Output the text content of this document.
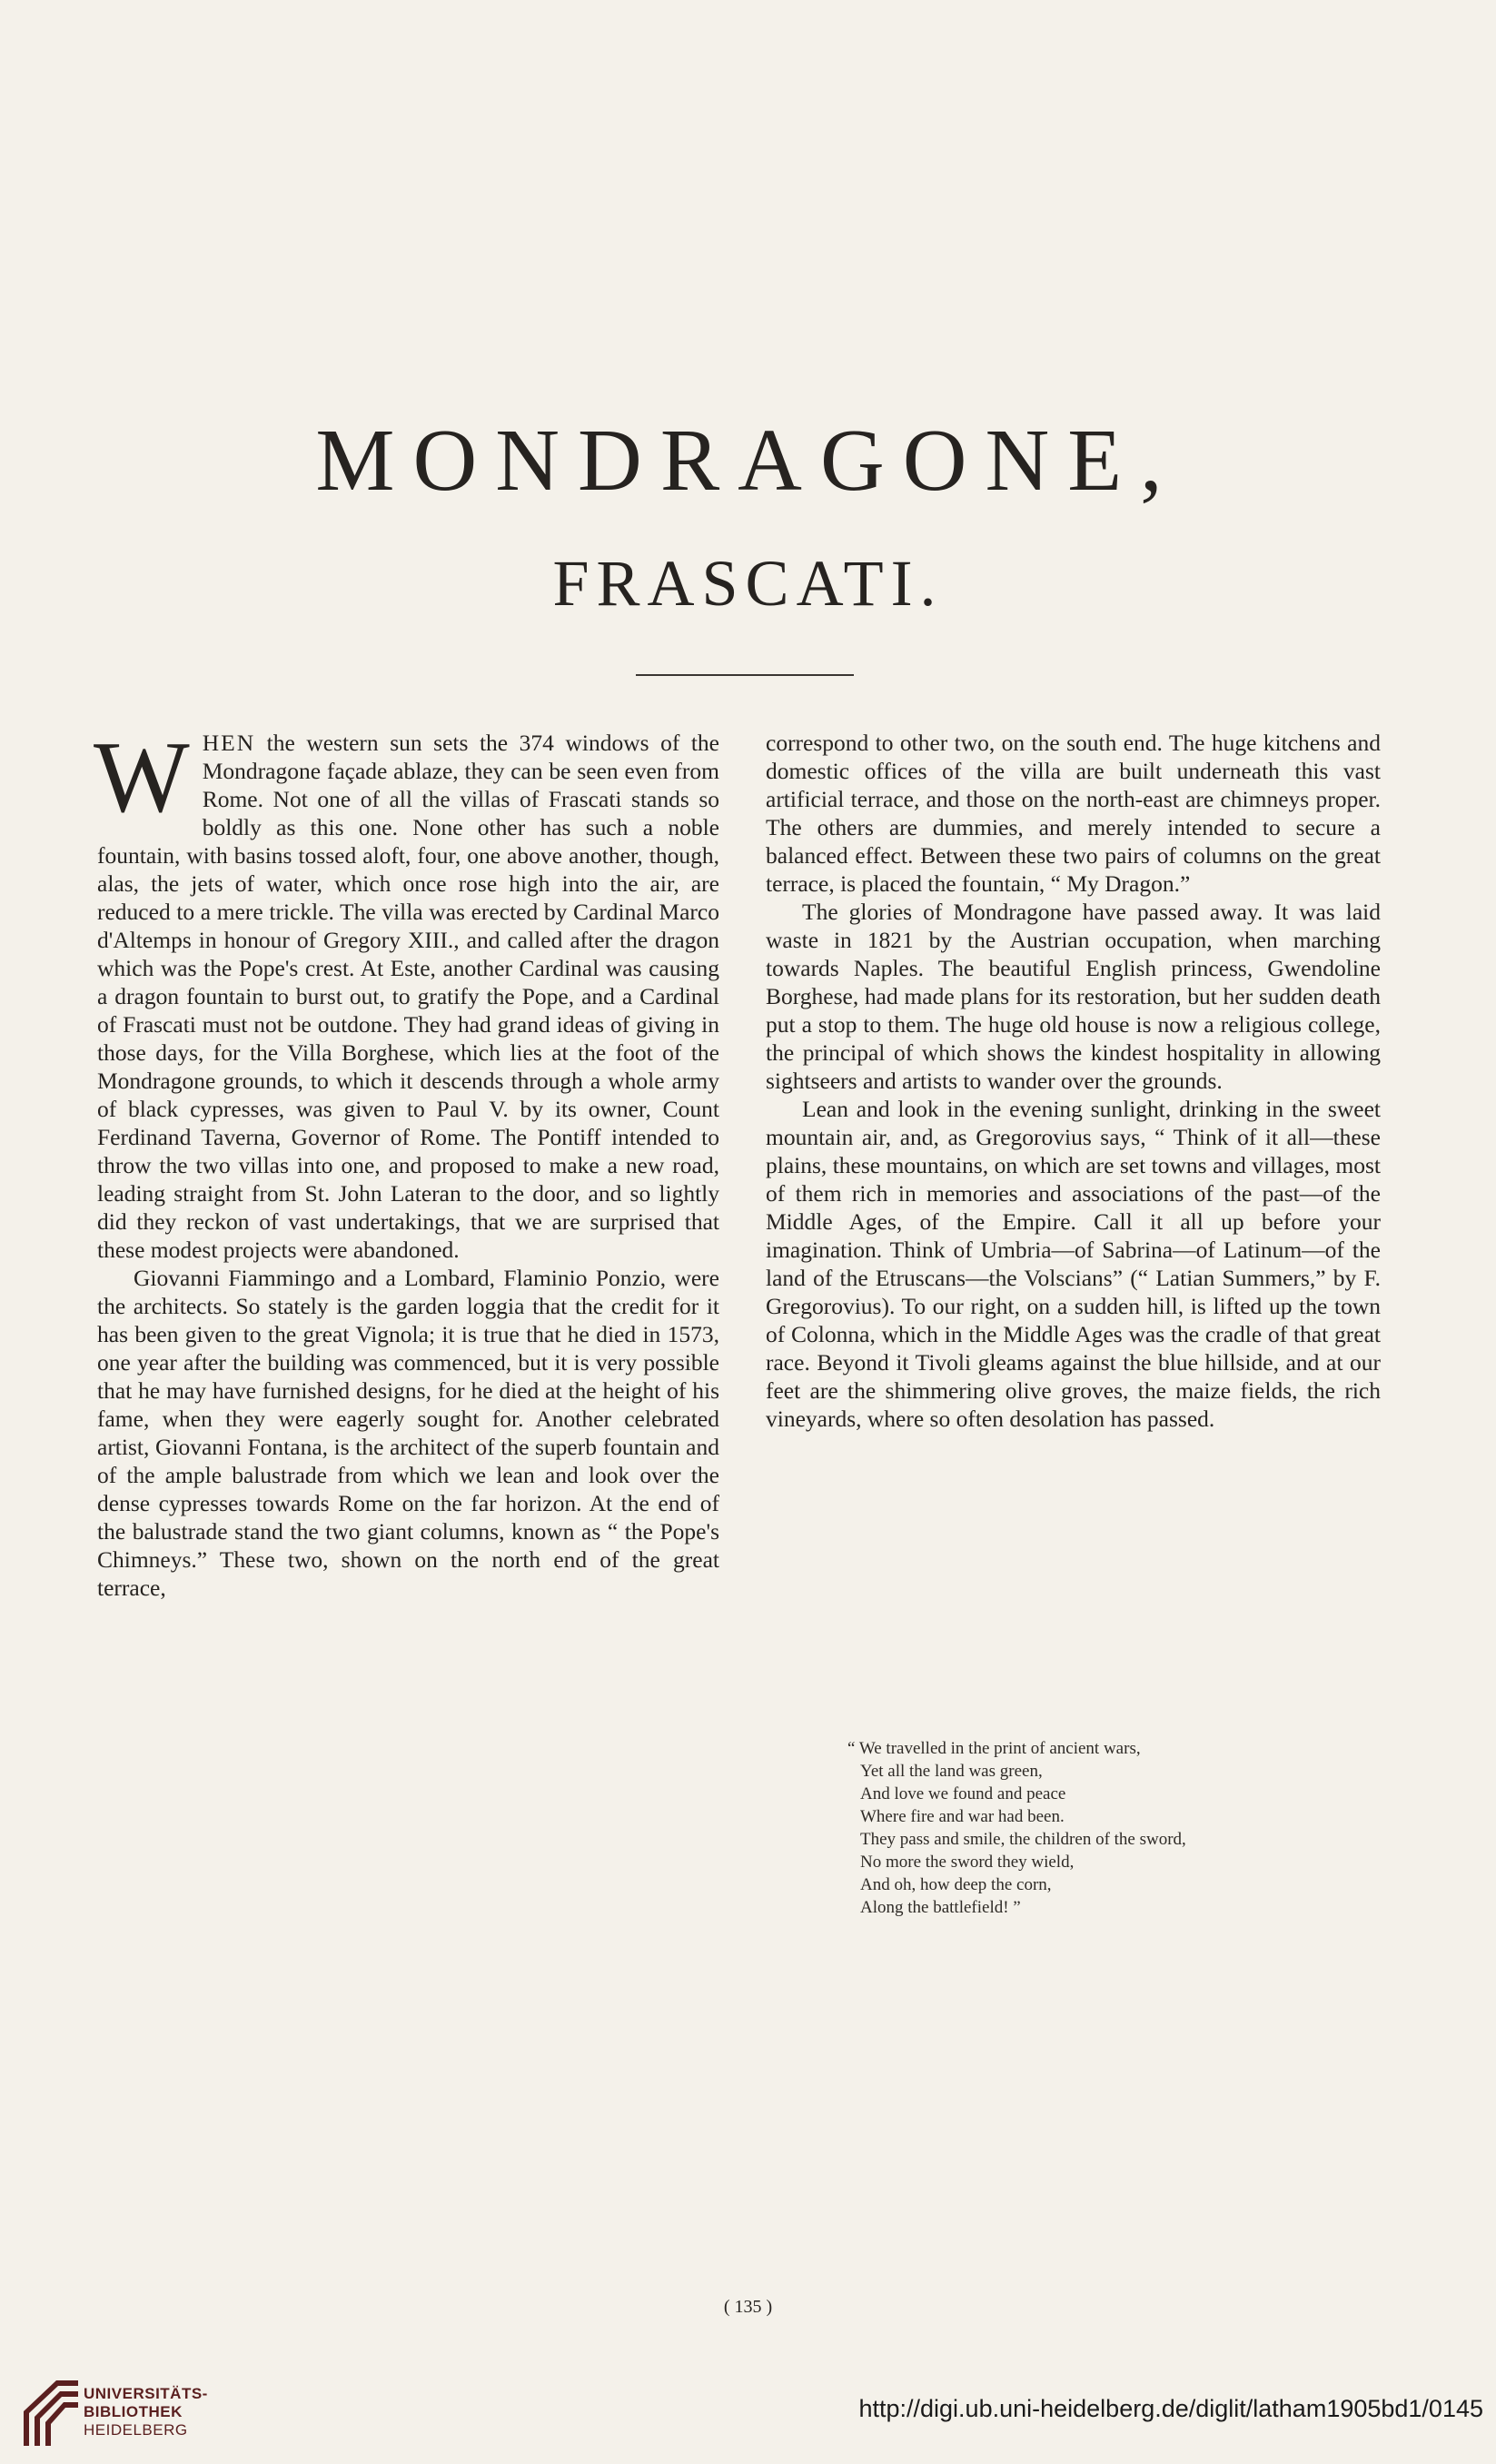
MONDRAGONE,
FRASCATI.

WHEN the western sun sets the 374 windows of the Mondragone façade ablaze, they can be seen even from Rome. Not one of all the villas of Frascati stands so boldly as this one. None other has such a noble fountain, with basins tossed aloft, four, one above another, though, alas, the jets of water, which once rose high into the air, are reduced to a mere trickle. The villa was erected by Cardinal Marco d'Altemps in honour of Gregory XIII., and called after the dragon which was the Pope's crest. At Este, another Cardinal was causing a dragon fountain to burst out, to gratify the Pope, and a Cardinal of Frascati must not be outdone. They had grand ideas of giving in those days, for the Villa Borghese, which lies at the foot of the Mondragone grounds, to which it descends through a whole army of black cypresses, was given to Paul V. by its owner, Count Ferdinand Taverna, Governor of Rome. The Pontiff intended to throw the two villas into one, and proposed to make a new road, leading straight from St. John Lateran to the door, and so lightly did they reckon of vast undertakings, that we are surprised that these modest projects were abandoned.

Giovanni Fiammingo and a Lombard, Flaminio Ponzio, were the architects. So stately is the garden loggia that the credit for it has been given to the great Vignola; it is true that he died in 1573, one year after the building was commenced, but it is very possible that he may have furnished designs, for he died at the height of his fame, when they were eagerly sought for. Another celebrated artist, Giovanni Fontana, is the architect of the superb fountain and of the ample balustrade from which we lean and look over the dense cypresses towards Rome on the far horizon. At the end of the balustrade stand the two giant columns, known as “ the Pope's Chimneys.” These two, shown on the north end of the great terrace,

correspond to other two, on the south end. The huge kitchens and domestic offices of the villa are built underneath this vast artificial terrace, and those on the north-east are chimneys proper. The others are dummies, and merely intended to secure a balanced effect. Between these two pairs of columns on the great terrace, is placed the fountain, “ My Dragon.”

The glories of Mondragone have passed away. It was laid waste in 1821 by the Austrian occupation, when marching towards Naples. The beautiful English princess, Gwendoline Borghese, had made plans for its restoration, but her sudden death put a stop to them. The huge old house is now a religious college, the principal of which shows the kindest hospitality in allowing sightseers and artists to wander over the grounds.

Lean and look in the evening sunlight, drinking in the sweet mountain air, and, as Gregorovius says, “ Think of it all—these plains, these mountains, on which are set towns and villages, most of them rich in memories and associations of the past—of the Middle Ages, of the Empire. Call it all up before your imagination. Think of Umbria—of Sabrina—of Latinum—of the land of the Etruscans—the Volscians” (“ Latian Summers,” by F. Gregorovius). To our right, on a sudden hill, is lifted up the town of Colonna, which in the Middle Ages was the cradle of that great race. Beyond it Tivoli gleams against the blue hillside, and at our feet are the shimmering olive groves, the maize fields, the rich vineyards, where so often desolation has passed.

“ We travelled in the print of ancient wars,
Yet all the land was green,
And love we found and peace
Where fire and war had been.
They pass and smile, the children of the sword,
No more the sword they wield,
And oh, how deep the corn,
Along the battlefield! ”
( 135 )
UNIVERSITÄTS-
BIBLIOTHEK
HEIDELBERG
http://digi.ub.uni-heidelberg.de/diglit/latham1905bd1/0145
